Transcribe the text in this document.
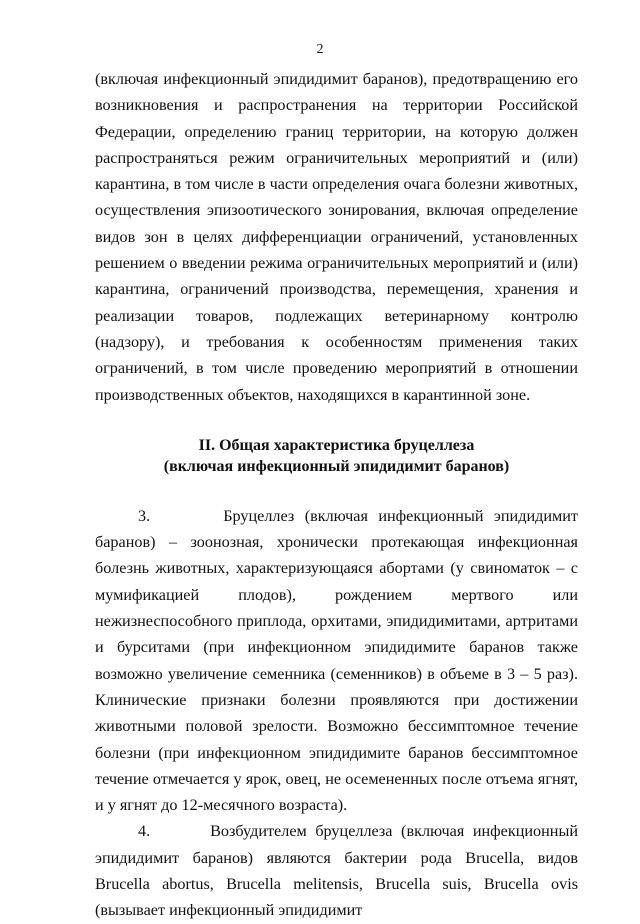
2

(включая инфекционный эпидидимит баранов), предотвращению его возникновения и распространения на территории Российской Федерации, определению границ территории, на которую должен распространяться режим ограничительных мероприятий и (или) карантина, в том числе в части определения очага болезни животных, осуществления эпизоотического зонирования, включая определение видов зон в целях дифференциации ограничений, установленных решением о введении режима ограничительных мероприятий и (или) карантина, ограничений производства, перемещения, хранения и реализации товаров, подлежащих ветеринарному контролю (надзору), и требования к особенностям применения таких ограничений, в том числе проведению мероприятий в отношении производственных объектов, находящихся в карантинной зоне.

II. Общая характеристика бруцеллеза
(включая инфекционный эпидидимит баранов)

3.	Бруцеллез (включая инфекционный эпидидимит баранов) – зоонозная, хронически протекающая инфекционная болезнь животных, характеризующаяся абортами (у свиноматок – с мумификацией плодов), рождением мертвого или нежизнеспособного приплода, орхитами, эпидидимитами, артритами и бурситами (при инфекционном эпидидимите баранов также возможно увеличение семенника (семенников) в объеме в 3 – 5 раз). Клинические признаки болезни проявляются при достижении животными половой зрелости. Возможно бессимптомное течение болезни (при инфекционном эпидидимите баранов бессимптомное течение отмечается у ярок, овец, не осемененных после отъема ягнят, и у ягнят до 12-месячного возраста).

4.	Возбудителем бруцеллеза (включая инфекционный эпидидимит баранов) являются бактерии рода Brucella, видов Brucella abortus, Brucella melitensis, Brucella suis, Brucella ovis (вызывает инфекционный эпидидимит
